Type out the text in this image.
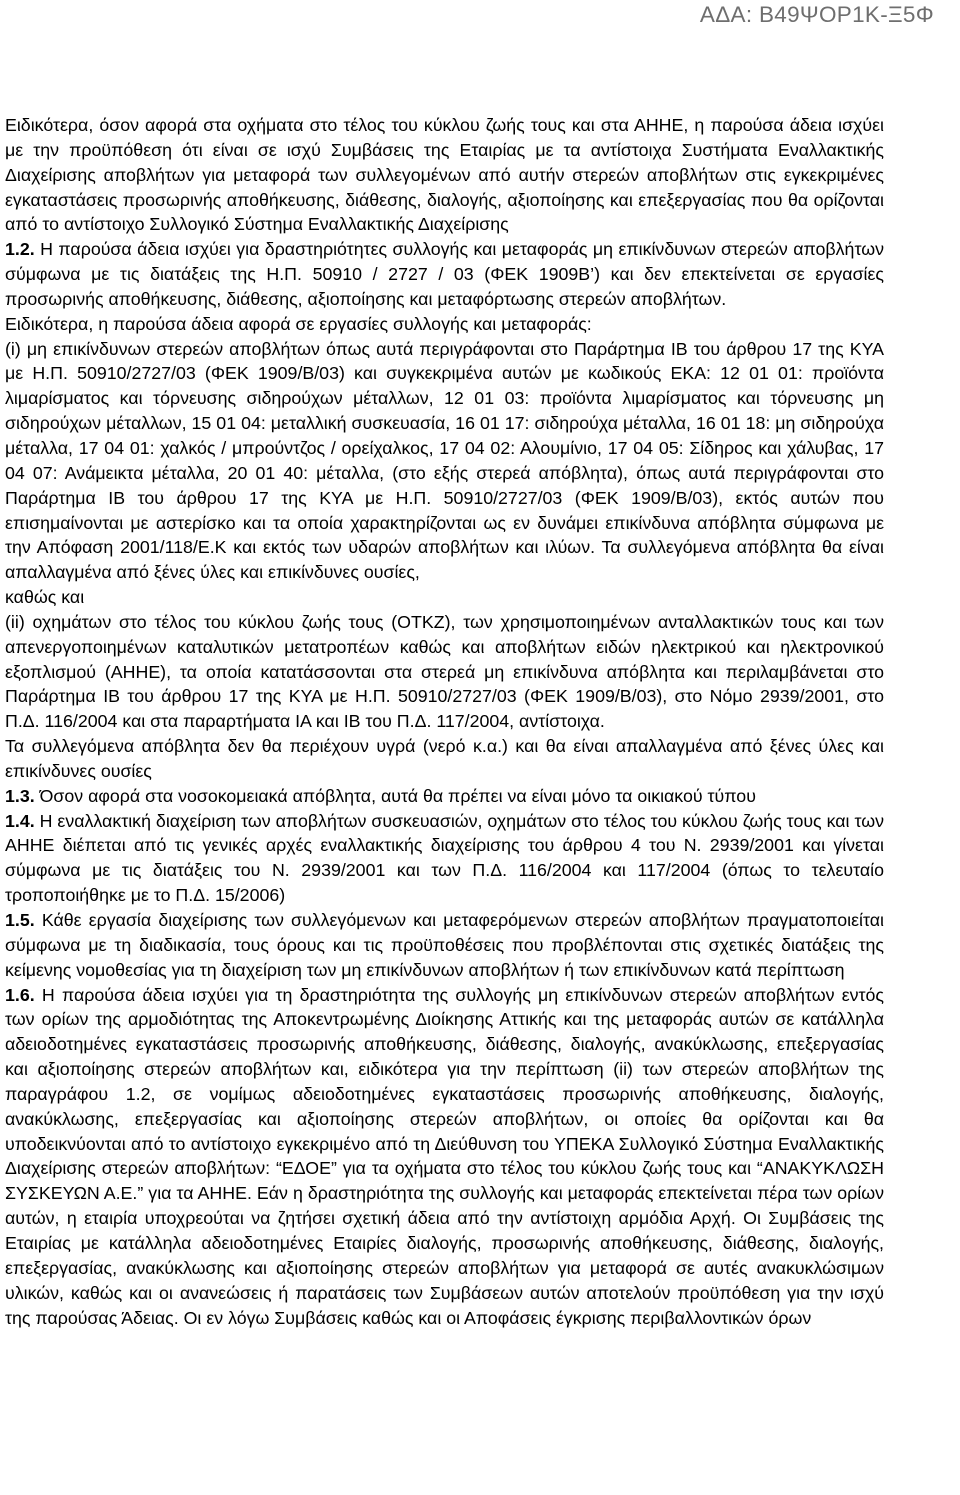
ΑΔΑ: Β49ΨΟΡ1Κ-Ξ5Φ

Ειδικότερα, όσον αφορά στα οχήματα στο τέλος του κύκλου ζωής τους και στα ΑΗΗΕ, η παρούσα άδεια ισχύει με την προϋπόθεση ότι είναι σε ισχύ Συμβάσεις της Εταιρίας με τα αντίστοιχα Συστήματα Εναλλακτικής Διαχείρισης αποβλήτων για μεταφορά των συλλεγομένων από αυτήν στερεών αποβλήτων στις εγκεκριμένες εγκαταστάσεις προσωρινής αποθήκευσης, διάθεσης, διαλογής, αξιοποίησης και επεξεργασίας που θα ορίζονται από το αντίστοιχο Συλλογικό Σύστημα Εναλλακτικής Διαχείρισης

1.2. Η παρούσα άδεια ισχύει για δραστηριότητες συλλογής και μεταφοράς μη επικίνδυνων στερεών αποβλήτων σύμφωνα με τις διατάξεις της Η.Π. 50910 / 2727 / 03 (ΦΕΚ 1909Β’) και δεν επεκτείνεται σε εργασίες προσωρινής αποθήκευσης, διάθεσης, αξιοποίησης και μεταφόρτωσης στερεών αποβλήτων.

Ειδικότερα, η παρούσα άδεια αφορά σε εργασίες συλλογής και μεταφοράς:

(i) μη επικίνδυνων στερεών αποβλήτων όπως αυτά περιγράφονται στο Παράρτημα ΙΒ του άρθρου 17 της ΚΥΑ με Η.Π. 50910/2727/03 (ΦΕΚ 1909/Β/03) και συγκεκριμένα αυτών με κωδικούς ΕΚΑ: 12 01 01: προϊόντα λιμαρίσματος και τόρνευσης σιδηρούχων μέταλλων, 12 01 03: προϊόντα λιμαρίσματος και τόρνευσης μη σιδηρούχων μέταλλων, 15 01 04: μεταλλική συσκευασία, 16 01 17: σιδηρούχα μέταλλα, 16 01 18: μη σιδηρούχα μέταλλα, 17 04 01: χαλκός / μπρούντζος / ορείχαλκος, 17 04 02: Αλουμίνιο, 17 04 05: Σίδηρος και χάλυβας, 17 04 07: Ανάμεικτα μέταλλα, 20 01 40: μέταλλα, (στο εξής στερεά απόβλητα), όπως αυτά περιγράφονται στο Παράρτημα ΙΒ του άρθρου 17 της ΚΥΑ με Η.Π. 50910/2727/03 (ΦΕΚ 1909/Β/03), εκτός αυτών που επισημαίνονται με αστερίσκο και τα οποία χαρακτηρίζονται ως εν δυνάμει επικίνδυνα απόβλητα σύμφωνα με την Απόφαση 2001/118/Ε.Κ και εκτός των υδαρών αποβλήτων και ιλύων. Τα συλλεγόμενα απόβλητα θα είναι απαλλαγμένα από ξένες ύλες και επικίνδυνες ουσίες,

καθώς και

(ii) οχημάτων στο τέλος του κύκλου ζωής τους (ΟΤΚΖ), των χρησιμοποιημένων ανταλλακτικών τους και των απενεργοποιημένων καταλυτικών μετατροπέων καθώς και αποβλήτων ειδών ηλεκτρικού και ηλεκτρονικού εξοπλισμού (ΑΗΗΕ), τα οποία κατατάσσονται στα στερεά μη επικίνδυνα απόβλητα και περιλαμβάνεται στο Παράρτημα ΙΒ του άρθρου 17 της ΚΥΑ με Η.Π. 50910/2727/03 (ΦΕΚ 1909/Β/03), στο Νόμο 2939/2001, στο Π.Δ. 116/2004 και στα παραρτήματα ΙΑ και ΙΒ του Π.Δ. 117/2004, αντίστοιχα.

Τα συλλεγόμενα απόβλητα δεν θα περιέχουν υγρά (νερό κ.α.) και θα είναι απαλλαγμένα από ξένες ύλες και επικίνδυνες ουσίες

1.3. Όσον αφορά στα νοσοκομειακά απόβλητα, αυτά θα πρέπει να είναι μόνο τα οικιακού τύπου

1.4. Η εναλλακτική διαχείριση των αποβλήτων συσκευασιών, οχημάτων στο τέλος του κύκλου ζωής τους και των ΑΗΗΕ διέπεται από τις γενικές αρχές εναλλακτικής διαχείρισης του άρθρου 4 του Ν. 2939/2001 και γίνεται σύμφωνα με τις διατάξεις του Ν. 2939/2001 και των Π.Δ. 116/2004 και 117/2004 (όπως το τελευταίο τροποποιήθηκε με το Π.Δ. 15/2006)

1.5. Κάθε εργασία διαχείρισης των συλλεγόμενων και μεταφερόμενων στερεών αποβλήτων πραγματοποιείται σύμφωνα με τη διαδικασία, τους όρους και τις προϋποθέσεις που προβλέπονται στις σχετικές διατάξεις της κείμενης νομοθεσίας για τη διαχείριση των μη επικίνδυνων αποβλήτων ή των επικίνδυνων κατά περίπτωση

1.6. Η παρούσα άδεια ισχύει για τη δραστηριότητα της συλλογής μη επικίνδυνων στερεών αποβλήτων εντός των ορίων της αρμοδιότητας της Αποκεντρωμένης Διοίκησης Αττικής και της μεταφοράς αυτών σε κατάλληλα αδειοδοτημένες εγκαταστάσεις προσωρινής αποθήκευσης, διάθεσης, διαλογής, ανακύκλωσης, επεξεργασίας και αξιοποίησης στερεών αποβλήτων και, ειδικότερα για την περίπτωση (ii) των στερεών αποβλήτων της παραγράφου 1.2, σε νομίμως αδειοδοτημένες εγκαταστάσεις προσωρινής αποθήκευσης, διαλογής, ανακύκλωσης, επεξεργασίας και αξιοποίησης στερεών αποβλήτων, οι οποίες θα ορίζονται και θα υποδεικνύονται από το αντίστοιχο εγκεκριμένο από τη Διεύθυνση του ΥΠΕΚΑ Συλλογικό Σύστημα Εναλλακτικής Διαχείρισης στερεών αποβλήτων: “ΕΔΟΕ” για τα οχήματα στο τέλος του κύκλου ζωής τους και “ΑΝΑΚΥΚΛΩΣΗ ΣΥΣΚΕΥΩΝ Α.Ε.” για τα ΑΗΗΕ. Εάν η δραστηριότητα της συλλογής και μεταφοράς επεκτείνεται πέρα των ορίων αυτών, η εταιρία υποχρεούται να ζητήσει σχετική άδεια από την αντίστοιχη αρμόδια Αρχή. Οι Συμβάσεις της Εταιρίας με κατάλληλα αδειοδοτημένες Εταιρίες διαλογής, προσωρινής αποθήκευσης, διάθεσης, διαλογής, επεξεργασίας, ανακύκλωσης και αξιοποίησης στερεών αποβλήτων για μεταφορά σε αυτές ανακυκλώσιμων υλικών, καθώς και οι ανανεώσεις ή παρατάσεις των Συμβάσεων αυτών αποτελούν προϋπόθεση για την ισχύ της παρούσας Άδειας. Οι εν λόγω Συμβάσεις καθώς και οι Αποφάσεις έγκρισης περιβαλλοντικών όρων
